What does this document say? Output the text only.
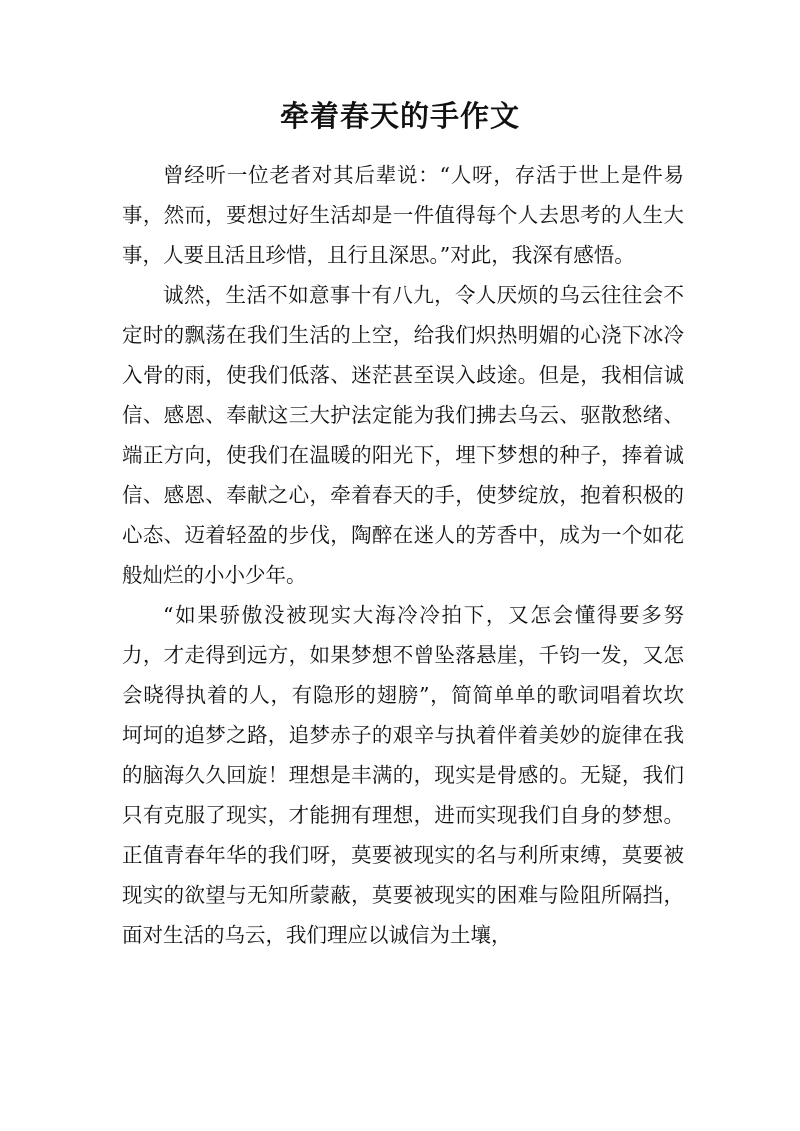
牵着春天的手作文

曾经听一位老者对其后辈说：“人呀，存活于世上是件易事，然而，要想过好生活却是一件值得每个人去思考的人生大事，人要且活且珍惜，且行且深思。”对此，我深有感悟。

诚然，生活不如意事十有八九，令人厌烦的乌云往往会不定时的飘荡在我们生活的上空，给我们炽热明媚的心浇下冰冷入骨的雨，使我们低落、迷茫甚至误入歧途。但是，我相信诚信、感恩、奉献这三大护法定能为我们拂去乌云、驱散愁绪、端正方向，使我们在温暖的阳光下，埋下梦想的种子，捧着诚信、感恩、奉献之心，牵着春天的手，使梦绽放，抱着积极的心态、迈着轻盈的步伐，陶醉在迷人的芳香中，成为一个如花般灿烂的小小少年。

“如果骄傲没被现实大海冷冷拍下，又怎会懂得要多努力，才走得到远方，如果梦想不曾坠落悬崖，千钧一发，又怎会晓得执着的人，有隐形的翅膀”，简简单单的歌词唱着坎坎坷坷的追梦之路，追梦赤子的艰辛与执着伴着美妙的旋律在我的脑海久久回旋！理想是丰满的，现实是骨感的。无疑，我们只有克服了现实，才能拥有理想，进而实现我们自身的梦想。正值青春年华的我们呀，莫要被现实的名与利所束缚，莫要被现实的欲望与无知所蒙蔽，莫要被现实的困难与险阻所隔挡，面对生活的乌云，我们理应以诚信为土壤，
